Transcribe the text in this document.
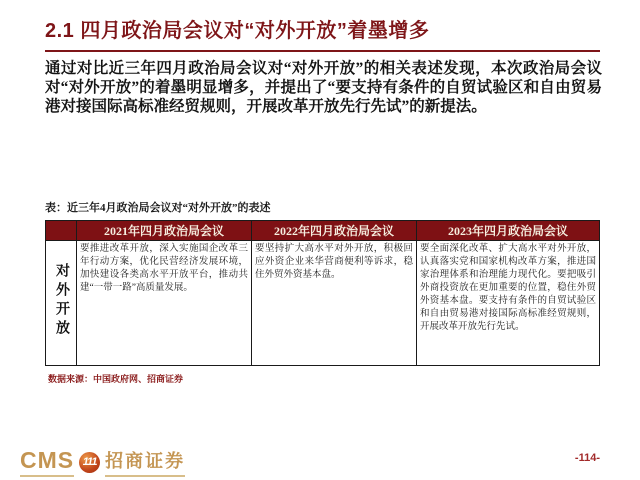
2.1 四月政治局会议对“对外开放”着墨增多
通过对比近三年四月政治局会议对“对外开放”的相关表述发现，本次政治局会议对“对外开放”的着墨明显增多，并提出了“要支持有条件的自贸试验区和自由贸易港对接国际高标准经贸规则，开展改革开放先行先试”的新提法。
表：近三年4月政治局会议对“对外开放”的表述
	2021年四月政治局会议	2022年四月政治局会议	2023年四月政治局会议
对外开放	要推进改革开放，深入实施国企改革三年行动方案，优化民营经济发展环境，加快建设各类高水平开放平台，推动共建“一带一路”高质量发展。	要坚持扩大高水平对外开放，积极回应外资企业来华营商便利等诉求，稳住外贸外资基本盘。	要全面深化改革、扩大高水平对外开放，认真落实党和国家机构改革方案，推进国家治理体系和治理能力现代化。要把吸引外商投资放在更加重要的位置，稳住外贸外资基本盘。要支持有条件的自贸试验区和自由贸易港对接国际高标准经贸规则，开展改革开放先行先试。
数据来源：中国政府网、招商证券
CMS 111 招商证券	-114-
